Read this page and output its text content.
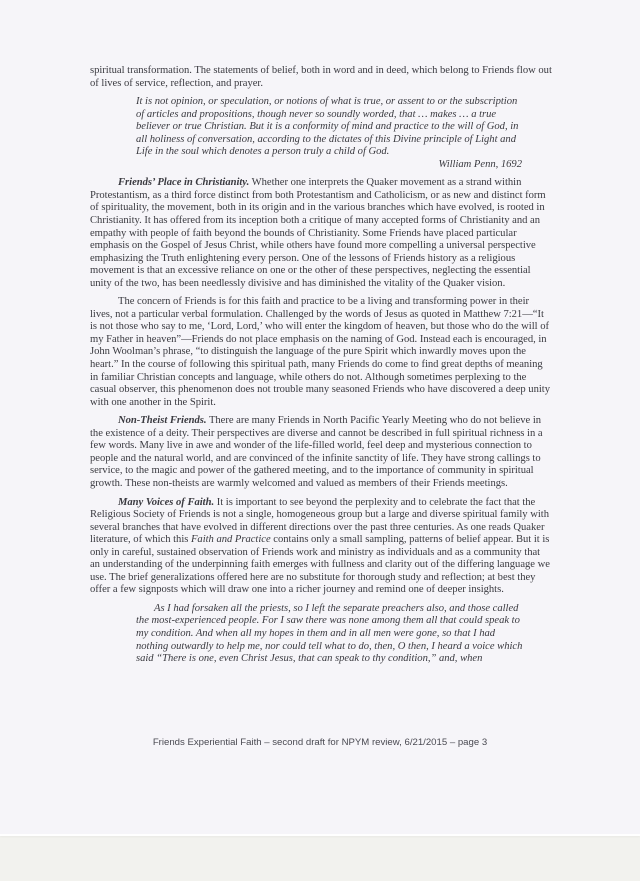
spiritual transformation. The statements of belief, both in word and in deed, which belong to Friends flow out of lives of service, reflection, and prayer.

It is not opinion, or speculation, or notions of what is true, or assent to or the subscription of articles and propositions, though never so soundly worded, that … makes … a true believer or true Christian. But it is a conformity of mind and practice to the will of God, in all holiness of conversation, according to the dictates of this Divine principle of Light and Life in the soul which denotes a person truly a child of God.

William Penn, 1692

Friends’ Place in Christianity. Whether one interprets the Quaker movement as a strand within Protestantism, as a third force distinct from both Protestantism and Catholicism, or as new and distinct form of spirituality, the movement, both in its origin and in the various branches which have evolved, is rooted in Christianity. It has offered from its inception both a critique of many accepted forms of Christianity and an empathy with people of faith beyond the bounds of Christianity. Some Friends have placed particular emphasis on the Gospel of Jesus Christ, while others have found more compelling a universal perspective emphasizing the Truth enlightening every person. One of the lessons of Friends history as a religious movement is that an excessive reliance on one or the other of these perspectives, neglecting the essential unity of the two, has been needlessly divisive and has diminished the vitality of the Quaker vision.

The concern of Friends is for this faith and practice to be a living and transforming power in their lives, not a particular verbal formulation. Challenged by the words of Jesus as quoted in Matthew 7:21—“It is not those who say to me, ‘Lord, Lord,’ who will enter the kingdom of heaven, but those who do the will of my Father in heaven”—Friends do not place emphasis on the naming of God. Instead each is encouraged, in John Woolman’s phrase, “to distinguish the language of the pure Spirit which inwardly moves upon the heart.” In the course of following this spiritual path, many Friends do come to find great depths of meaning in familiar Christian concepts and language, while others do not. Although sometimes perplexing to the casual observer, this phenomenon does not trouble many seasoned Friends who have discovered a deep unity with one another in the Spirit.

Non-Theist Friends. There are many Friends in North Pacific Yearly Meeting who do not believe in the existence of a deity. Their perspectives are diverse and cannot be described in full spiritual richness in a few words. Many live in awe and wonder of the life-filled world, feel deep and mysterious connection to people and the natural world, and are convinced of the infinite sanctity of life. They have strong callings to service, to the magic and power of the gathered meeting, and to the importance of community in spiritual growth. These non-theists are warmly welcomed and valued as members of their Friends meetings.

Many Voices of Faith. It is important to see beyond the perplexity and to celebrate the fact that the Religious Society of Friends is not a single, homogeneous group but a large and diverse spiritual family with several branches that have evolved in different directions over the past three centuries. As one reads Quaker literature, of which this Faith and Practice contains only a small sampling, patterns of belief appear. But it is only in careful, sustained observation of Friends work and ministry as individuals and as a community that an understanding of the underpinning faith emerges with fullness and clarity out of the differing language we use. The brief generalizations offered here are no substitute for thorough study and reflection; at best they offer a few signposts which will draw one into a richer journey and remind one of deeper insights.

As I had forsaken all the priests, so I left the separate preachers also, and those called the most-experienced people. For I saw there was none among them all that could speak to my condition. And when all my hopes in them and in all men were gone, so that I had nothing outwardly to help me, nor could tell what to do, then, O then, I heard a voice which said “There is one, even Christ Jesus, that can speak to thy condition,” and, when

Friends Experiential Faith – second draft for NPYM review, 6/21/2015 – page 3
